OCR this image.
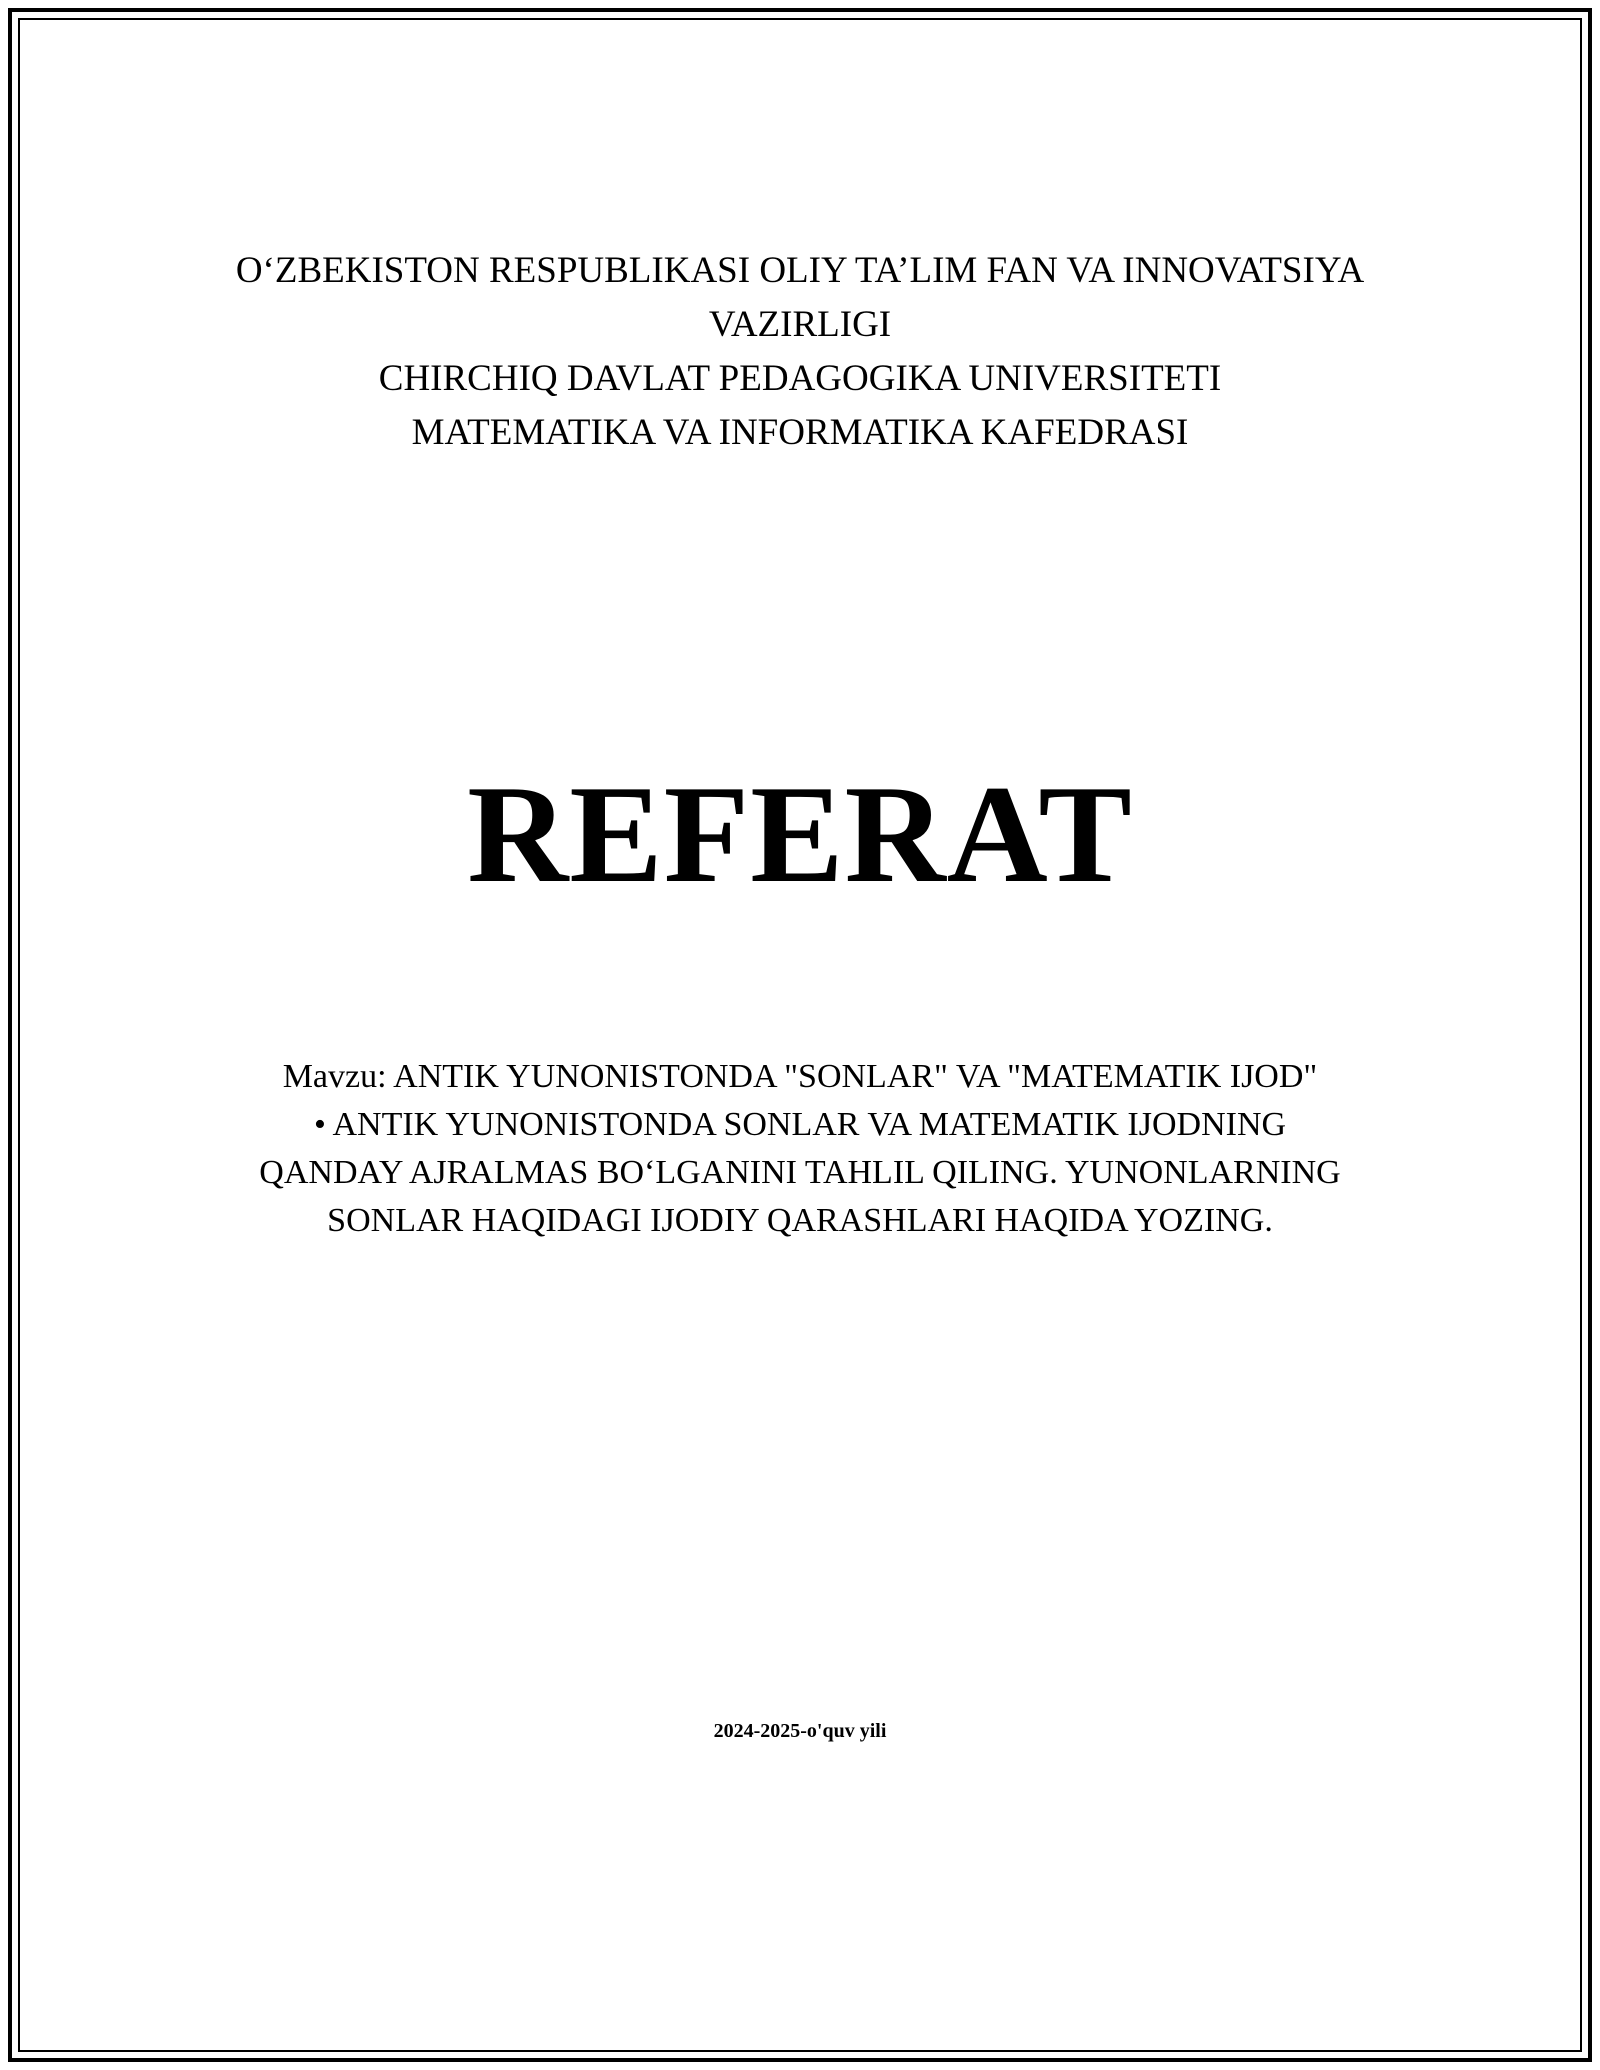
O‘ZBEKISTON RESPUBLIKASI OLIY TA’LIM FAN VA INNOVATSIYA VAZIRLIGI
CHIRCHIQ DAVLAT PEDAGOGIKA UNIVERSITETI
MATEMATIKA VA INFORMATIKA KAFEDRASI
REFERAT

Mavzu: ANTIK YUNONISTONDA "SONLAR" VA "MATEMATIK IJOD"

• ANTIK YUNONISTONDA SONLAR VA MATEMATIK IJODNING QANDAY AJRALMAS BO‘LGANINI TAHLIL QILING. YUNONLARNING SONLAR HAQIDAGI IJODIY QARASHLARI HAQIDA YOZING.

2024-2025-o'quv yili
